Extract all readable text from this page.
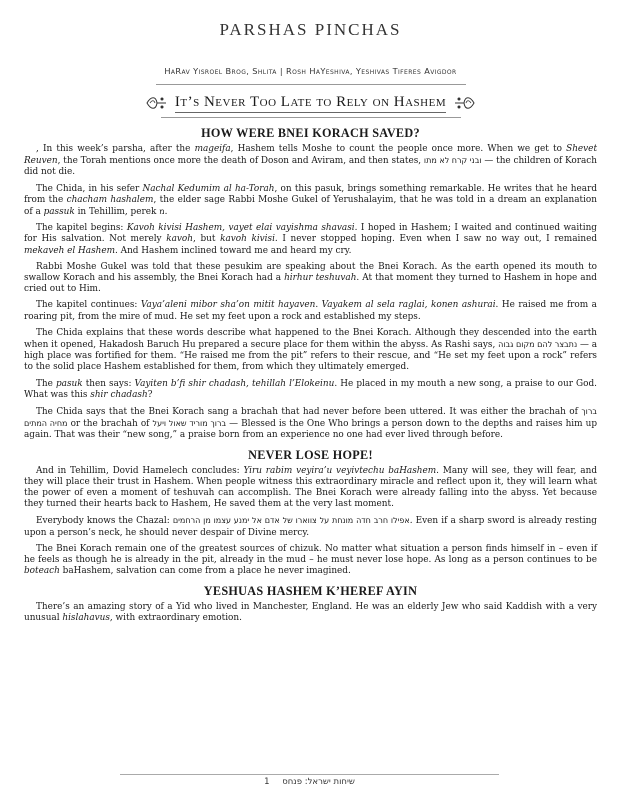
PARSHAS PINCHAS
HaRav Yisroel Brog, Shlita | Rosh HaYeshiva, Yeshivas Tiferes Avigdor
It’s Never Too Late to Rely on Hashem
HOW WERE BNEI KORACH SAVED?

, In this week’s parsha, after the mageifa, Hashem tells Moshe to count the people once more. When we get to Shevet Reuven, the Torah mentions once more the death of Doson and Aviram, and then states, ובני קרח לא מתו — the children of Korach did not die.

The Chida, in his sefer Nachal Kedumim al ha-Torah, on this pasuk, brings something remarkable. He writes that he heard from the chacham hashalem, the elder sage Rabbi Moshe Gukel of Yerushalayim, that he was told in a dream an explanation of a passuk in Tehillim, perek מ.

The kapitel begins: Kavoh kivisi Hashem, vayet elai vayishma shavasi. I hoped in Hashem; I waited and continued waiting for His salvation. Not merely kavoh, but kavoh kivisi. I never stopped hoping. Even when I saw no way out, I remained mekaveh el Hashem. And Hashem inclined toward me and heard my cry.

Rabbi Moshe Gukel was told that these pesukim are speaking about the Bnei Korach. As the earth opened its mouth to swallow Korach and his assembly, the Bnei Korach had a hirhur teshuvah. At that moment they turned to Hashem in hope and cried out to Him.

The kapitel continues: Vaya’aleni mibor sha’on mitit hayaven. Vayakem al sela raglai, konen ashurai. He raised me from a roaring pit, from the mire of mud. He set my feet upon a rock and established my steps.

The Chida explains that these words describe what happened to the Bnei Korach. Although they descended into the earth when it opened, Hakadosh Baruch Hu prepared a secure place for them within the abyss. As Rashi says, נתבצר להם מקום גבוה — a high place was fortified for them. “He raised me from the pit” refers to their rescue, and “He set my feet upon a rock” refers to the solid place Hashem established for them, from which they ultimately emerged.

The pasuk then says: Vayiten b’fi shir chadash, tehillah l’Elokeinu. He placed in my mouth a new song, a praise to our God. What was this shir chadash?

The Chida says that the Bnei Korach sang a brachah that had never before been uttered. It was either the brachah of ברוך מחיה המתים or the brachah of ברוך מוריד שאול ויעל — Blessed is the One Who brings a person down to the depths and raises him up again. That was their “new song,” a praise born from an experience no one had ever lived through before.

NEVER LOSE HOPE!

And in Tehillim, Dovid Hamelech concludes: Yiru rabim veyira’u veyivtechu baHashem. Many will see, they will fear, and they will place their trust in Hashem. When people witness this extraordinary miracle and reflect upon it, they will learn what the power of even a moment of teshuvah can accomplish. The Bnei Korach were already falling into the abyss. Yet because they turned their hearts back to Hashem, He saved them at the very last moment.

Everybody knows the Chazal: אפילו חרב חדה מונחת על צווארו של אדם אל ימנע עצמו מן הרחמים. Even if a sharp sword is already resting upon a person’s neck, he should never despair of Divine mercy.

The Bnei Korach remain one of the greatest sources of chizuk. No matter what situation a person finds himself in – even if he feels as though he is already in the pit, already in the mud – he must never lose hope. As long as a person continues to be boteach baHashem, salvation can come from a place he never imagined.

YESHUAS HASHEM K’HEREF AYIN

There’s an amazing story of a Yid who lived in Manchester, England. He was an elderly Jew who said Kaddish with a very unusual hislahavus, with extraordinary emotion.

1 שיחות ישראל: פנחס
